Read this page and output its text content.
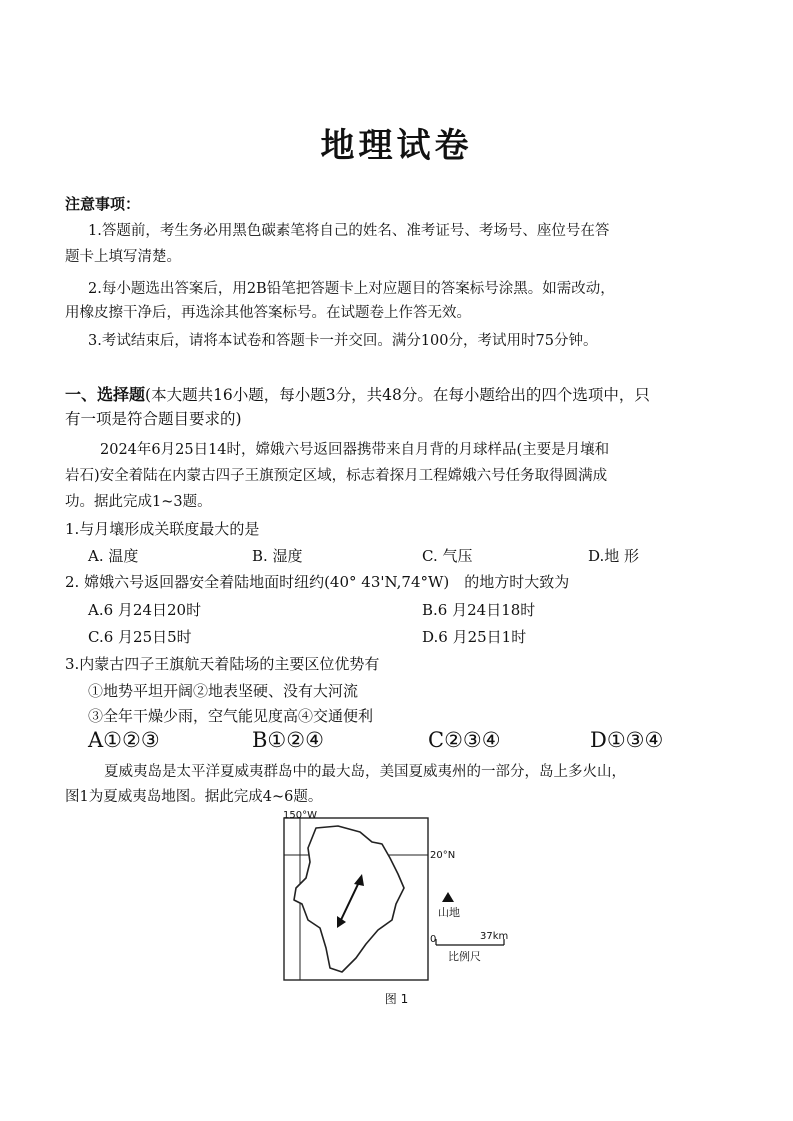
地理试卷
注意事项：
1.答题前，考生务必用黑色碳素笔将自己的姓名、准考证号、考场号、座位号在答
题卡上填写清楚。
2.每小题选出答案后，用2B铅笔把答题卡上对应题目的答案标号涂黑。如需改动，
用橡皮擦干净后，再选涂其他答案标号。在试题卷上作答无效。
3.考试结束后，请将本试卷和答题卡一并交回。满分100分，考试用时75分钟。
一、选择题(本大题共16小题，每小题3分，共48分。在每小题给出的四个选项中，只
有一项是符合题目要求的)
2024年6月25日14时，嫦娥六号返回器携带来自月背的月球样品(主要是月壤和
岩石)安全着陆在内蒙古四子王旗预定区域，标志着探月工程嫦娥六号任务取得圆满成
功。据此完成1~3题。
1.与月壤形成关联度最大的是
A. 温度	B. 湿度	C. 气压	D.地 形
2. 嫦娥六号返回器安全着陆地面时纽约(40° 43'N,74°W)　的地方时大致为
A.6 月24日20时	B.6 月24日18时
C.6 月25日5时	D.6 月25日1时
3.内蒙古四子王旗航天着陆场的主要区位优势有
①地势平坦开阔②地表坚硬、没有大河流
③全年干燥少雨，空气能见度高④交通便利
A①②③	B①②④	C②③④	D①③④
夏威夷岛是太平洋夏威夷群岛中的最大岛，美国夏威夷州的一部分，岛上多火山，
图1为夏威夷岛地图。据此完成4~6题。
山地
0	37km
比例尺
150°W
20°N
图 1
